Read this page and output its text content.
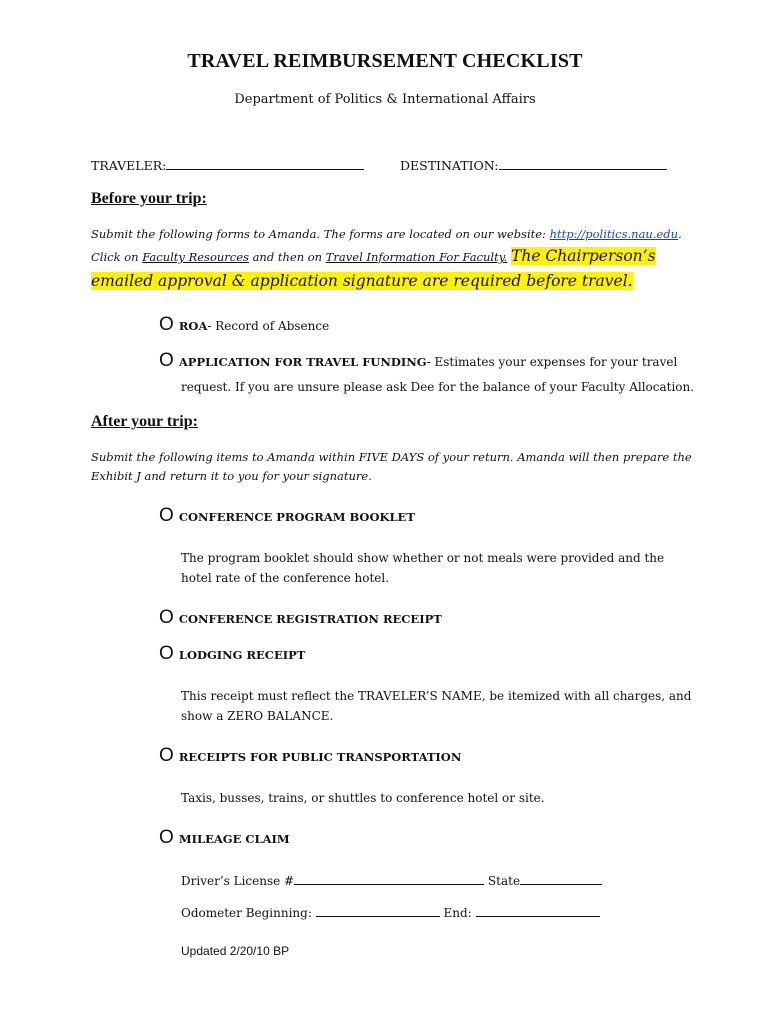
TRAVEL REIMBURSEMENT CHECKLIST
Department of Politics & International Affairs
TRAVELER:	DESTINATION:
Before your trip:
Submit the following forms to Amanda. The forms are located on our website: http://politics.nau.edu.
Click on Faculty Resources and then on Travel Information For Faculty. The Chairperson’s
emailed approval & application signature are required before travel.
O ROA- Record of Absence
O APPLICATION FOR TRAVEL FUNDING- Estimates your expenses for your travel
request. If you are unsure please ask Dee for the balance of your Faculty Allocation.
After your trip:
Submit the following items to Amanda within FIVE DAYS of your return. Amanda will then prepare the
Exhibit J and return it to you for your signature.
O CONFERENCE PROGRAM BOOKLET
The program booklet should show whether or not meals were provided and the
hotel rate of the conference hotel.
O CONFERENCE REGISTRATION RECEIPT
O LODGING RECEIPT
This receipt must reflect the TRAVELER’S NAME, be itemized with all charges, and
show a ZERO BALANCE.
O RECEIPTS FOR PUBLIC TRANSPORTATION
Taxis, busses, trains, or shuttles to conference hotel or site.
O MILEAGE CLAIM
Driver’s License #	State
Odometer Beginning:	End:
Updated 2/20/10 BP
